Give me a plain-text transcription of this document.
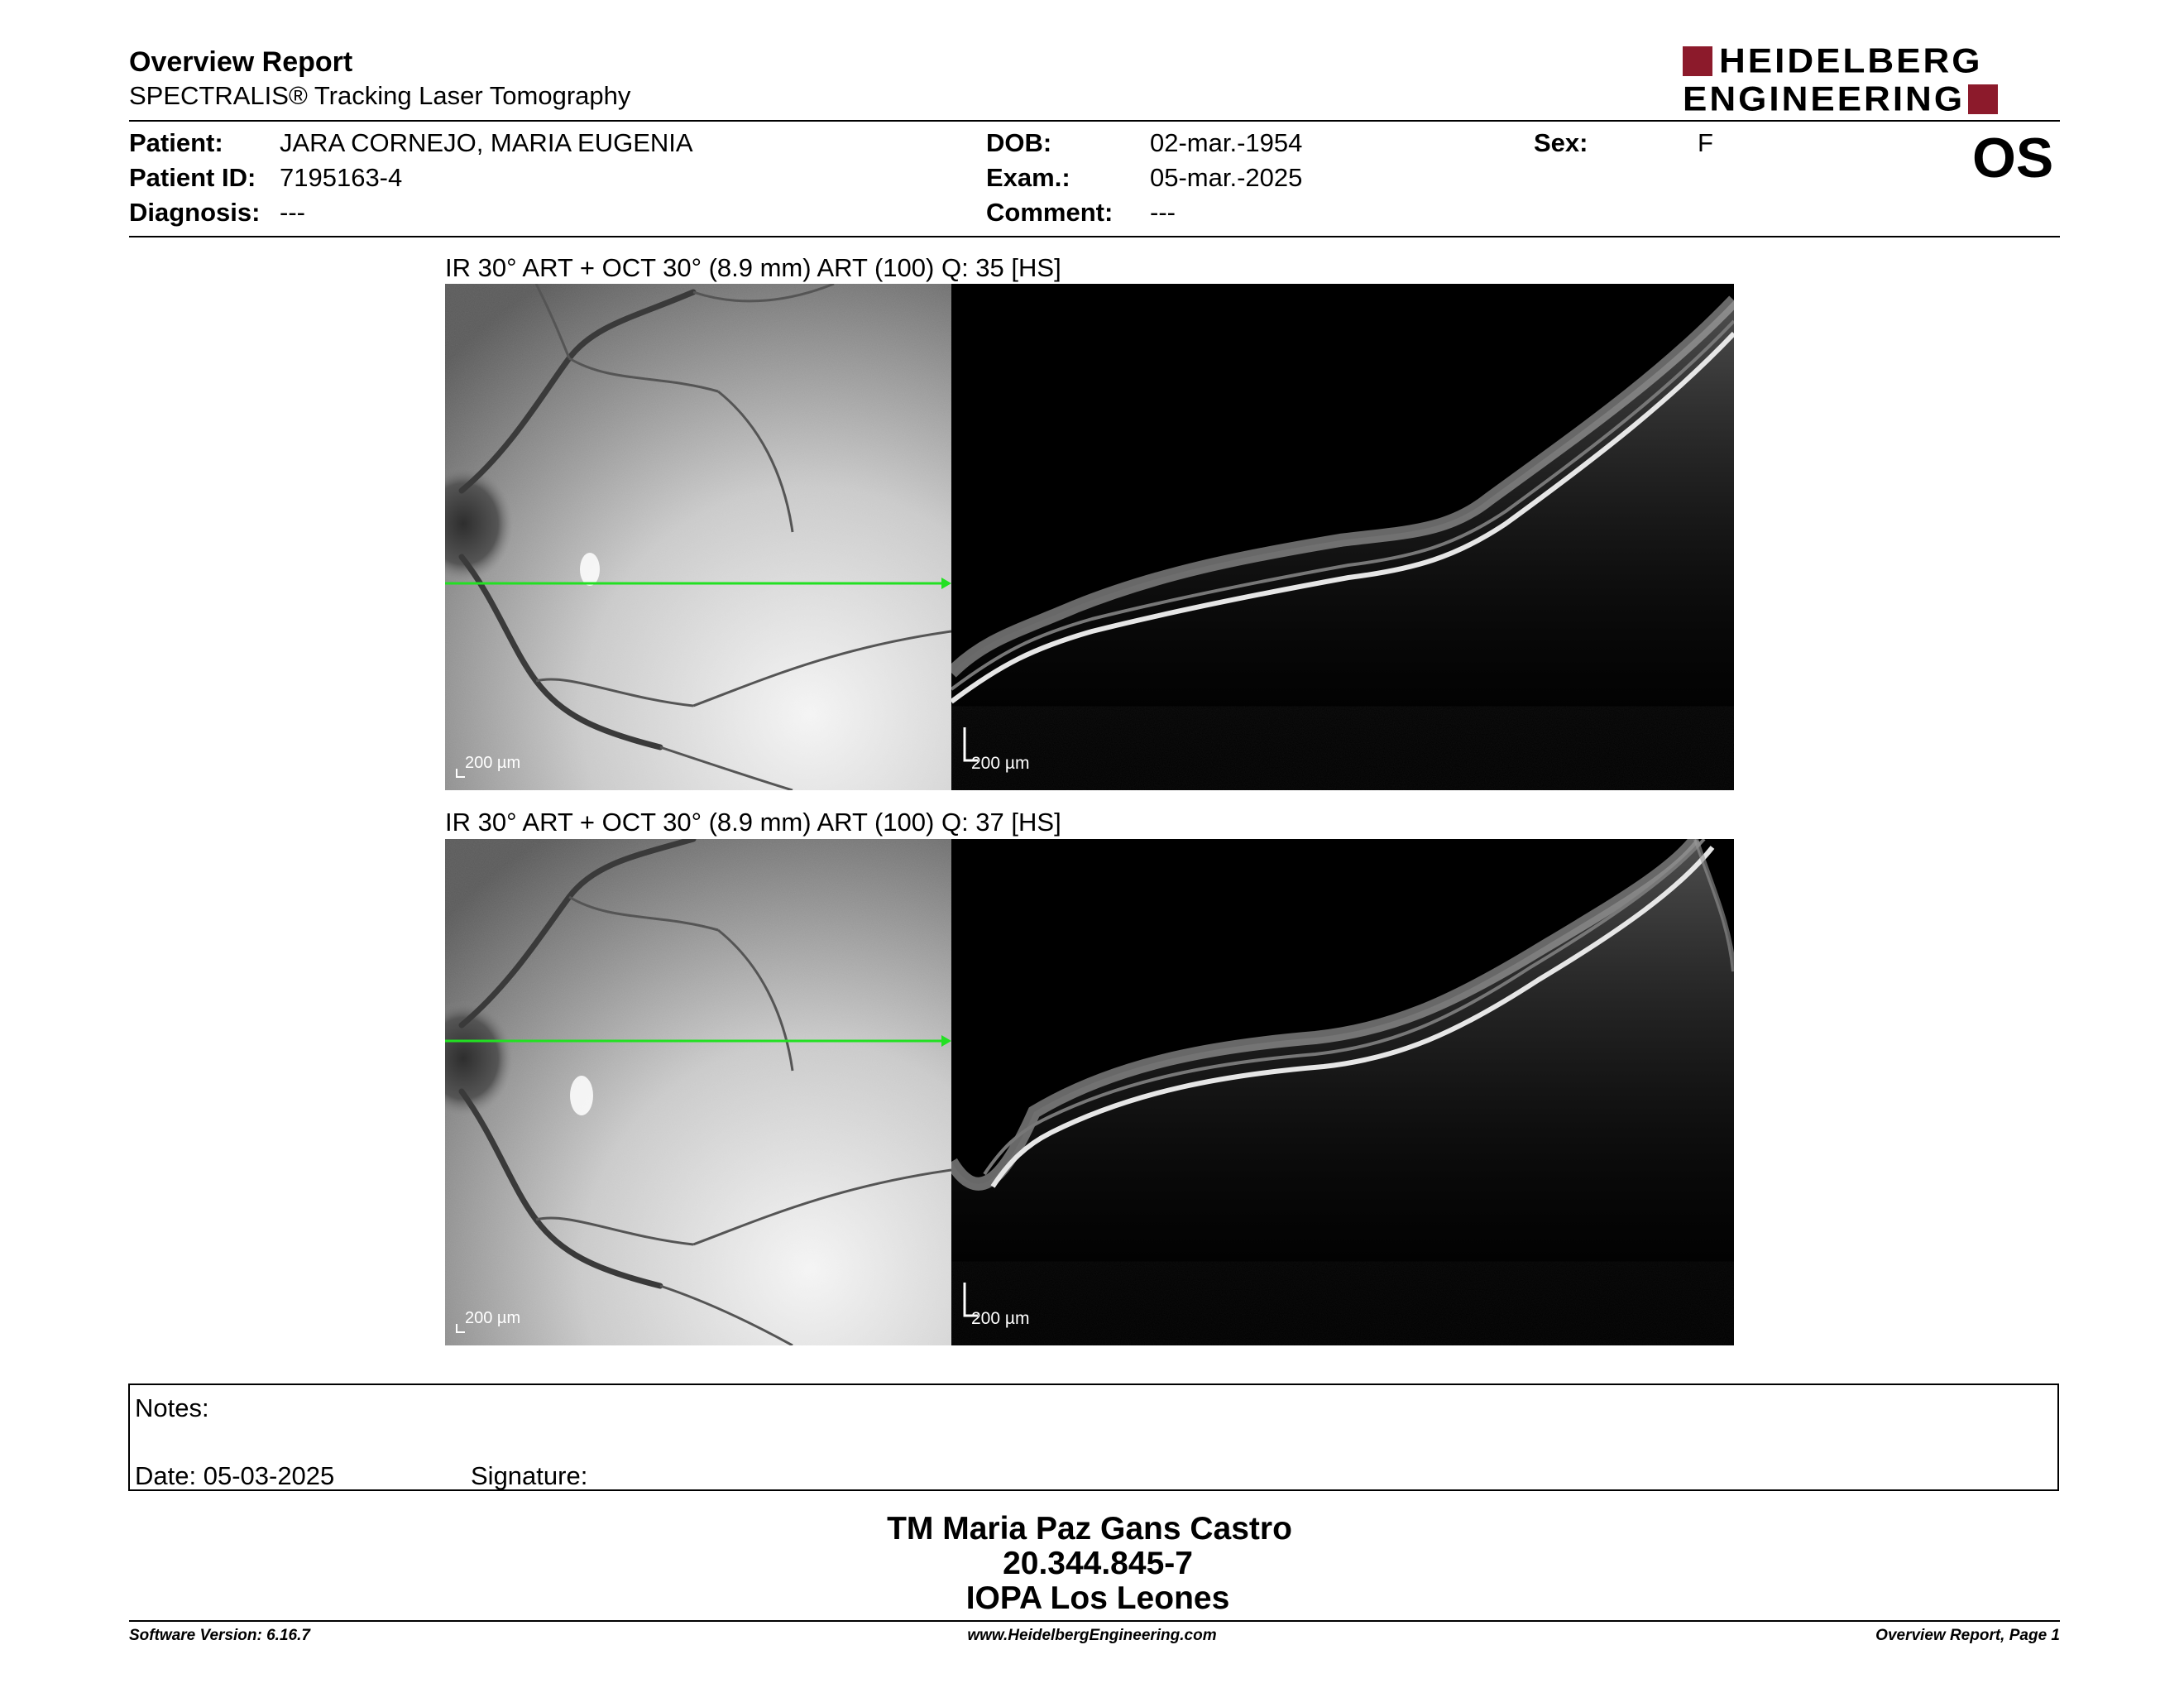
Overview Report
SPECTRALIS® Tracking Laser Tomography
HEIDELBERG
ENGINEERING
Patient: JARA CORNEJO, MARIA EUGENIA
Patient ID: 7195163-4
Diagnosis: ---
DOB:	02-mar.-1954
Exam.:	05-mar.-2025
Comment: ---
Sex:	F	OS
IR 30° ART + OCT 30° (8.9 mm) ART (100) Q: 35 [HS]
200 µm	200 µm
IR 30° ART + OCT 30° (8.9 mm) ART (100) Q: 37 [HS]
200 µm	200 µm
Notes:
Date: 05-03-2025	Signature:
TM Maria Paz Gans Castro
20.344.845-7
IOPA Los Leones
Software Version: 6.16.7	www.HeidelbergEngineering.com	Overview Report, Page 1
